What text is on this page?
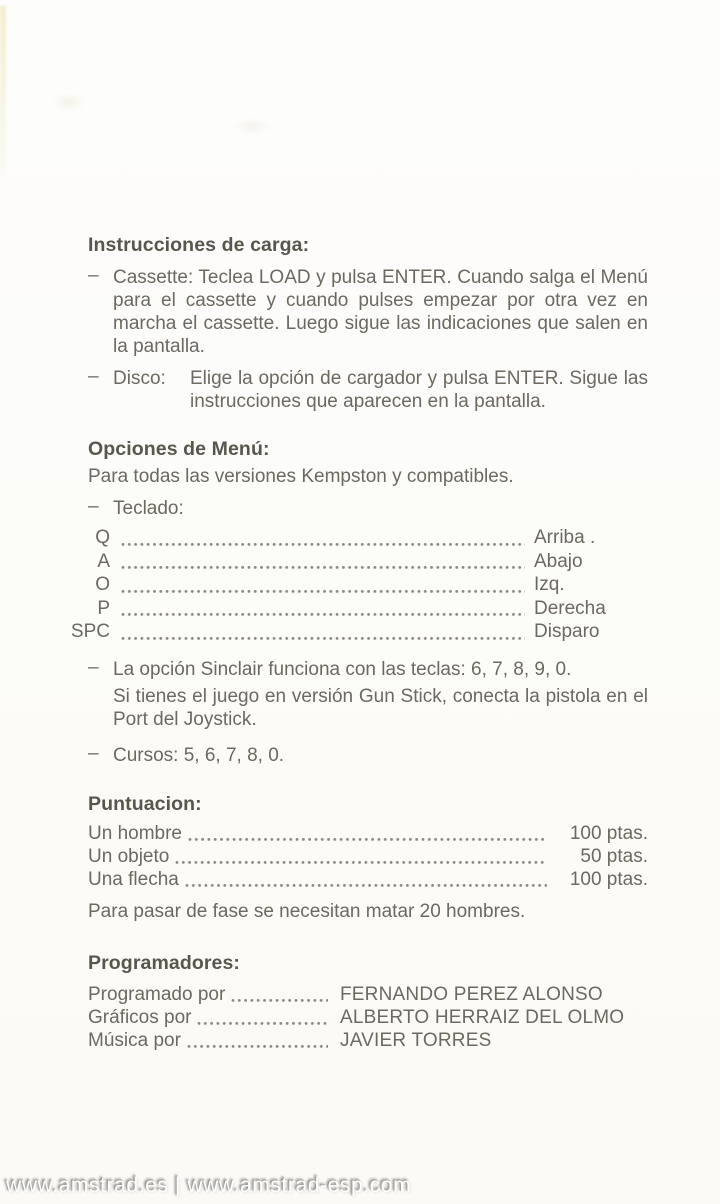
Instrucciones de carga:
– Cassette: Teclea LOAD y pulsa ENTER. Cuando salga el Menú para el cassette y cuando pulses empezar por otra vez en marcha el cassette. Luego sigue las indicaciones que salen en la pantalla.
– Disco:	Elige la opción de cargador y pulsa ENTER. Sigue las instrucciones que aparecen en la pantalla.
Opciones de Menú:
Para todas las versiones Kempston y compatibles.
– Teclado:
Q	Arriba .
A	Abajo
O	Izq.
P	Derecha
SPC	Disparo
– La opción Sinclair funciona con las teclas: 6, 7, 8, 9, 0.
Si tienes el juego en versión Gun Stick, conecta la pistola en el Port del Joystick.
– Cursos: 5, 6, 7, 8, 0.
Puntuacion:
Un hombre	100 ptas.
Un objeto	50 ptas.
Una flecha	100 ptas.
Para pasar de fase se necesitan matar 20 hombres.
Programadores:
Programado por	FERNANDO PEREZ ALONSO
Gráficos por	ALBERTO HERRAIZ DEL OLMO
Música por	JAVIER TORRES
www.amstrad.es | www.amstrad-esp.com
